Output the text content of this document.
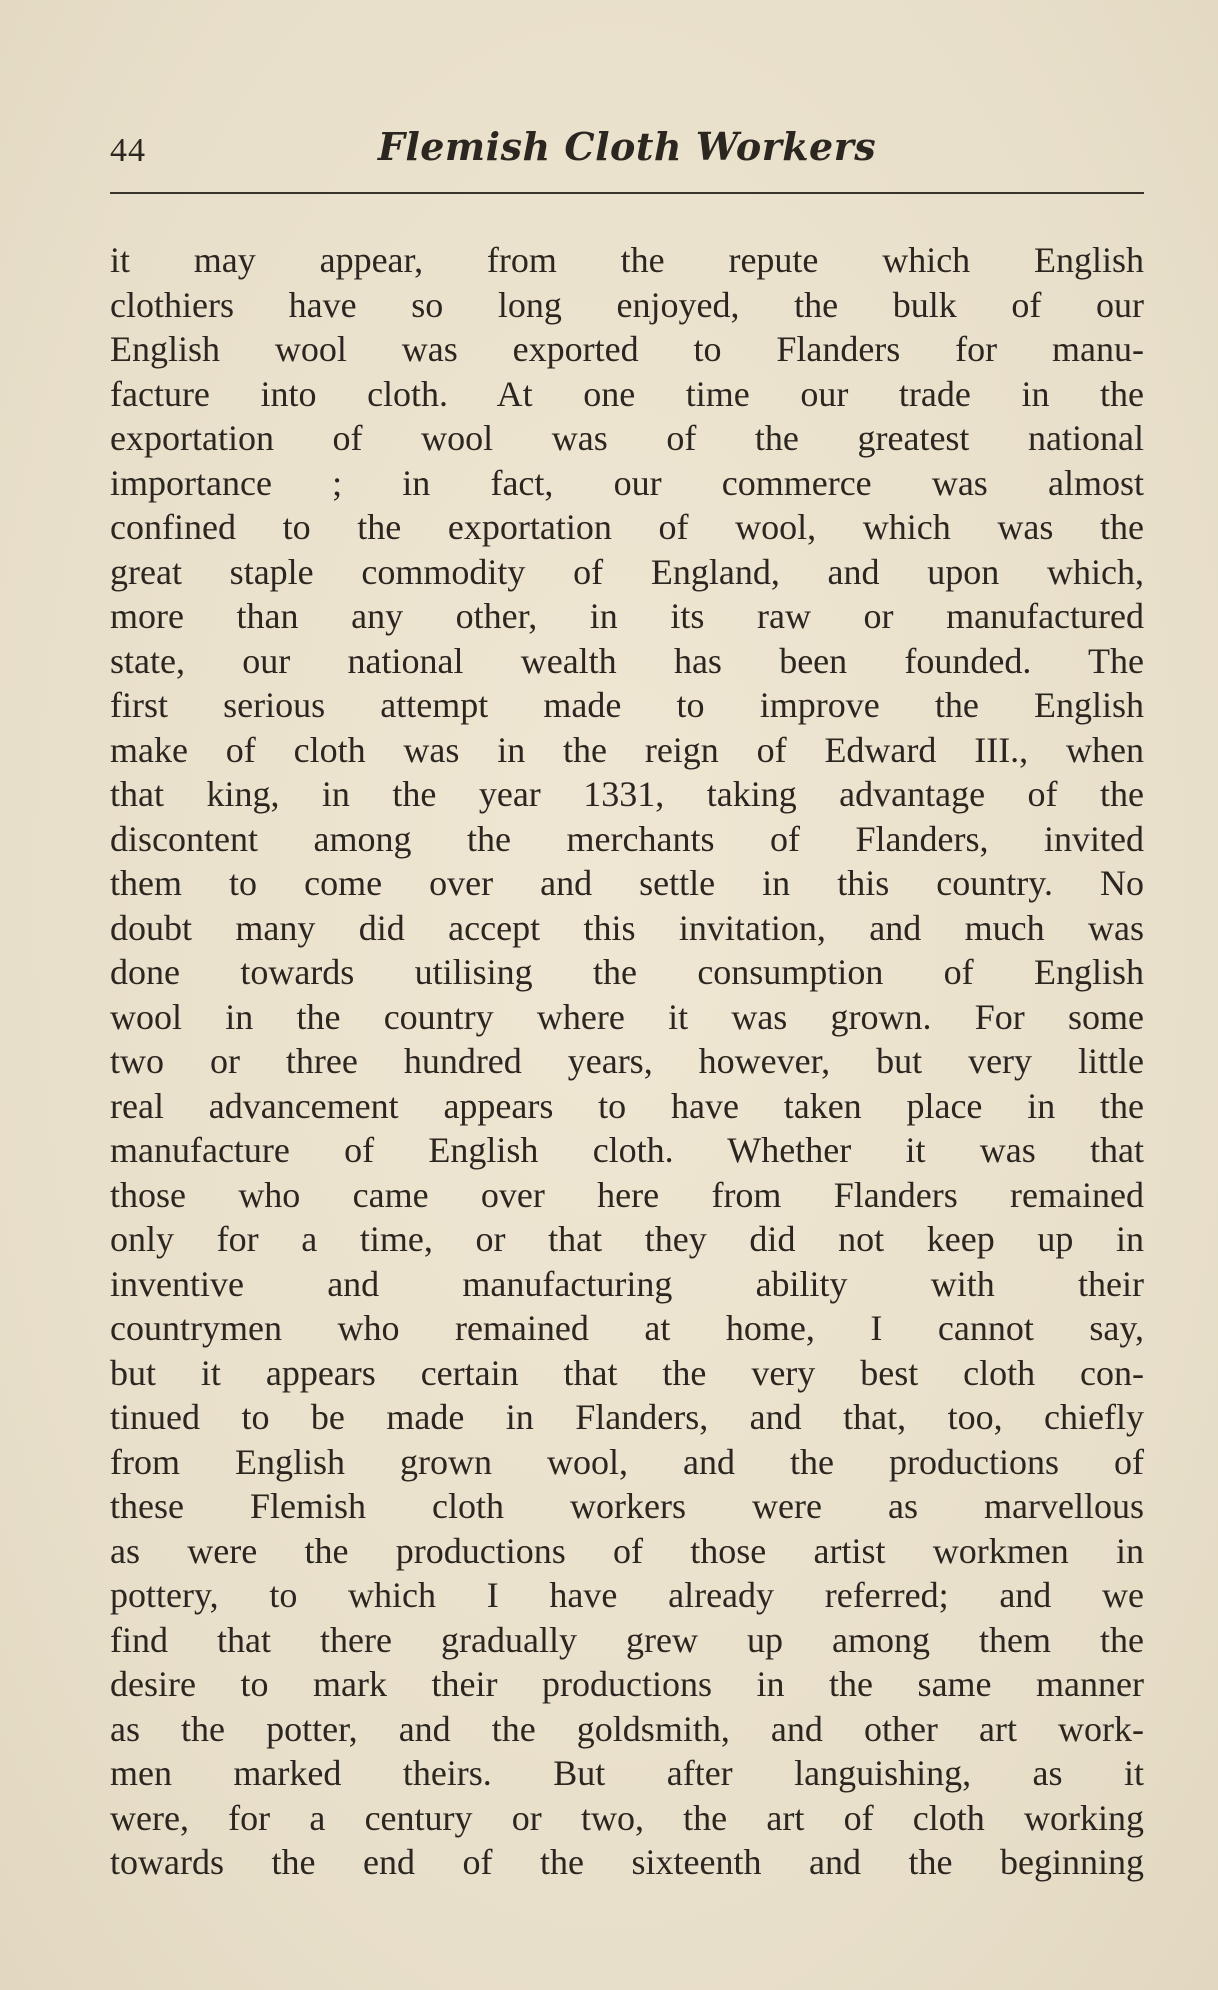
44	Flemish Cloth Workers
it may appear, from the repute which English
clothiers have so long enjoyed, the bulk of our
English wool was exported to Flanders for manu-
facture into cloth. At one time our trade in the
exportation of wool was of the greatest national
importance ; in fact, our commerce was almost
confined to the exportation of wool, which was the
great staple commodity of England, and upon which,
more than any other, in its raw or manufactured
state, our national wealth has been founded. The
first serious attempt made to improve the English
make of cloth was in the reign of Edward III., when
that king, in the year 1331, taking advantage of the
discontent among the merchants of Flanders, invited
them to come over and settle in this country. No
doubt many did accept this invitation, and much was
done towards utilising the consumption of English
wool in the country where it was grown. For some
two or three hundred years, however, but very little
real advancement appears to have taken place in the
manufacture of English cloth. Whether it was that
those who came over here from Flanders remained
only for a time, or that they did not keep up in
inventive and manufacturing ability with their
countrymen who remained at home, I cannot say,
but it appears certain that the very best cloth con-
tinued to be made in Flanders, and that, too, chiefly
from English grown wool, and the productions of
these Flemish cloth workers were as marvellous
as were the productions of those artist workmen in
pottery, to which I have already referred; and we
find that there gradually grew up among them the
desire to mark their productions in the same manner
as the potter, and the goldsmith, and other art work-
men marked theirs. But after languishing, as it
were, for a century or two, the art of cloth working
towards the end of the sixteenth and the beginning
